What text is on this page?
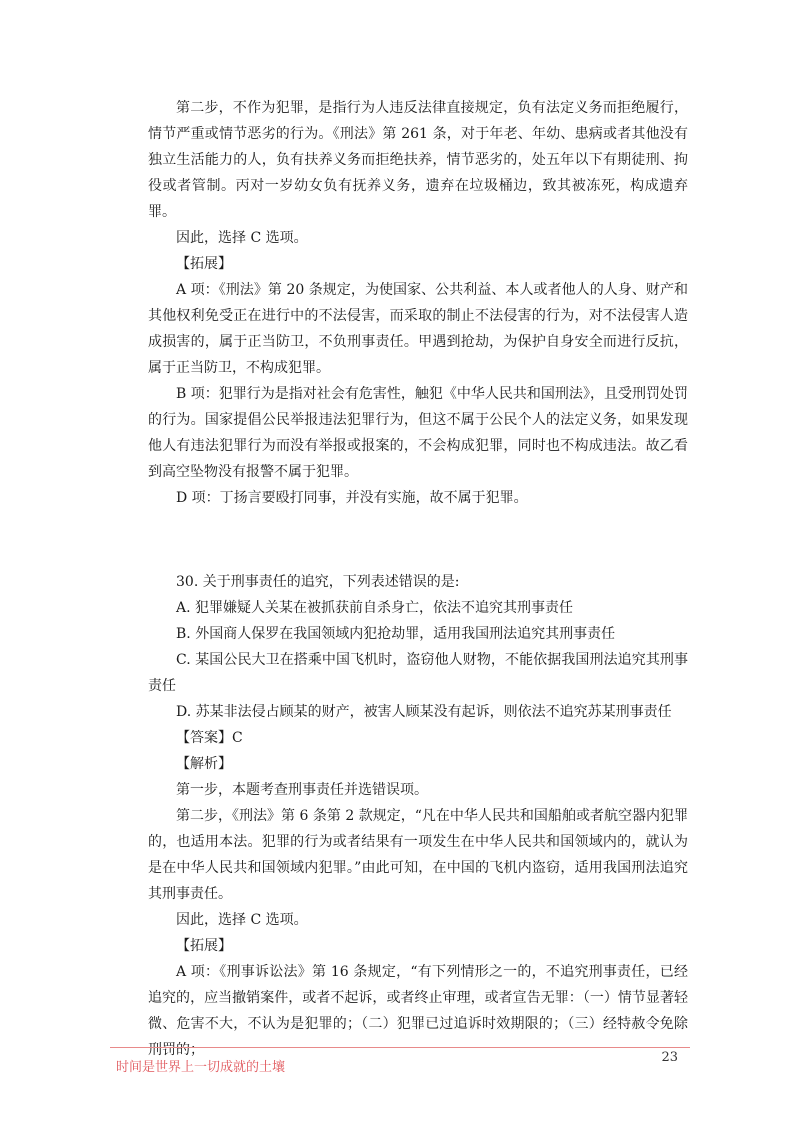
第二步，不作为犯罪，是指行为人违反法律直接规定，负有法定义务而拒绝履行，情节严重或情节恶劣的行为。《刑法》第 261 条，对于年老、年幼、患病或者其他没有独立生活能力的人，负有扶养义务而拒绝扶养，情节恶劣的，处五年以下有期徒刑、拘役或者管制。丙对一岁幼女负有抚养义务，遗弃在垃圾桶边，致其被冻死，构成遗弃罪。

因此，选择 C 选项。

【拓展】

A 项：《刑法》第 20 条规定，为使国家、公共利益、本人或者他人的人身、财产和其他权利免受正在进行中的不法侵害，而采取的制止不法侵害的行为，对不法侵害人造成损害的，属于正当防卫，不负刑事责任。甲遇到抢劫，为保护自身安全而进行反抗，属于正当防卫，不构成犯罪。

B 项：犯罪行为是指对社会有危害性，触犯《中华人民共和国刑法》，且受刑罚处罚的行为。国家提倡公民举报违法犯罪行为，但这不属于公民个人的法定义务，如果发现他人有违法犯罪行为而没有举报或报案的，不会构成犯罪，同时也不构成违法。故乙看到高空坠物没有报警不属于犯罪。

D 项：丁扬言要殴打同事，并没有实施，故不属于犯罪。

30. 关于刑事责任的追究，下列表述错误的是:

A. 犯罪嫌疑人关某在被抓获前自杀身亡，依法不追究其刑事责任

B. 外国商人保罗在我国领域内犯抢劫罪，适用我国刑法追究其刑事责任

C. 某国公民大卫在搭乘中国飞机时，盗窃他人财物，不能依据我国刑法追究其刑事责任

D. 苏某非法侵占顾某的财产，被害人顾某没有起诉，则依法不追究苏某刑事责任

【答案】C

【解析】

第一步，本题考查刑事责任并选错误项。

第二步，《刑法》第 6 条第 2 款规定，“凡在中华人民共和国船舶或者航空器内犯罪的，也适用本法。犯罪的行为或者结果有一项发生在中华人民共和国领域内的，就认为是在中华人民共和国领域内犯罪。”由此可知，在中国的飞机内盗窃，适用我国刑法追究其刑事责任。

因此，选择 C 选项。

【拓展】

A 项：《刑事诉讼法》第 16 条规定，“有下列情形之一的，不追究刑事责任，已经追究的，应当撤销案件，或者不起诉，或者终止审理，或者宣告无罪：（一）情节显著轻微、危害不大，不认为是犯罪的；（二）犯罪已过追诉时效期限的；（三）经特赦令免除刑罚的；

时间是世界上一切成就的土壤
23
